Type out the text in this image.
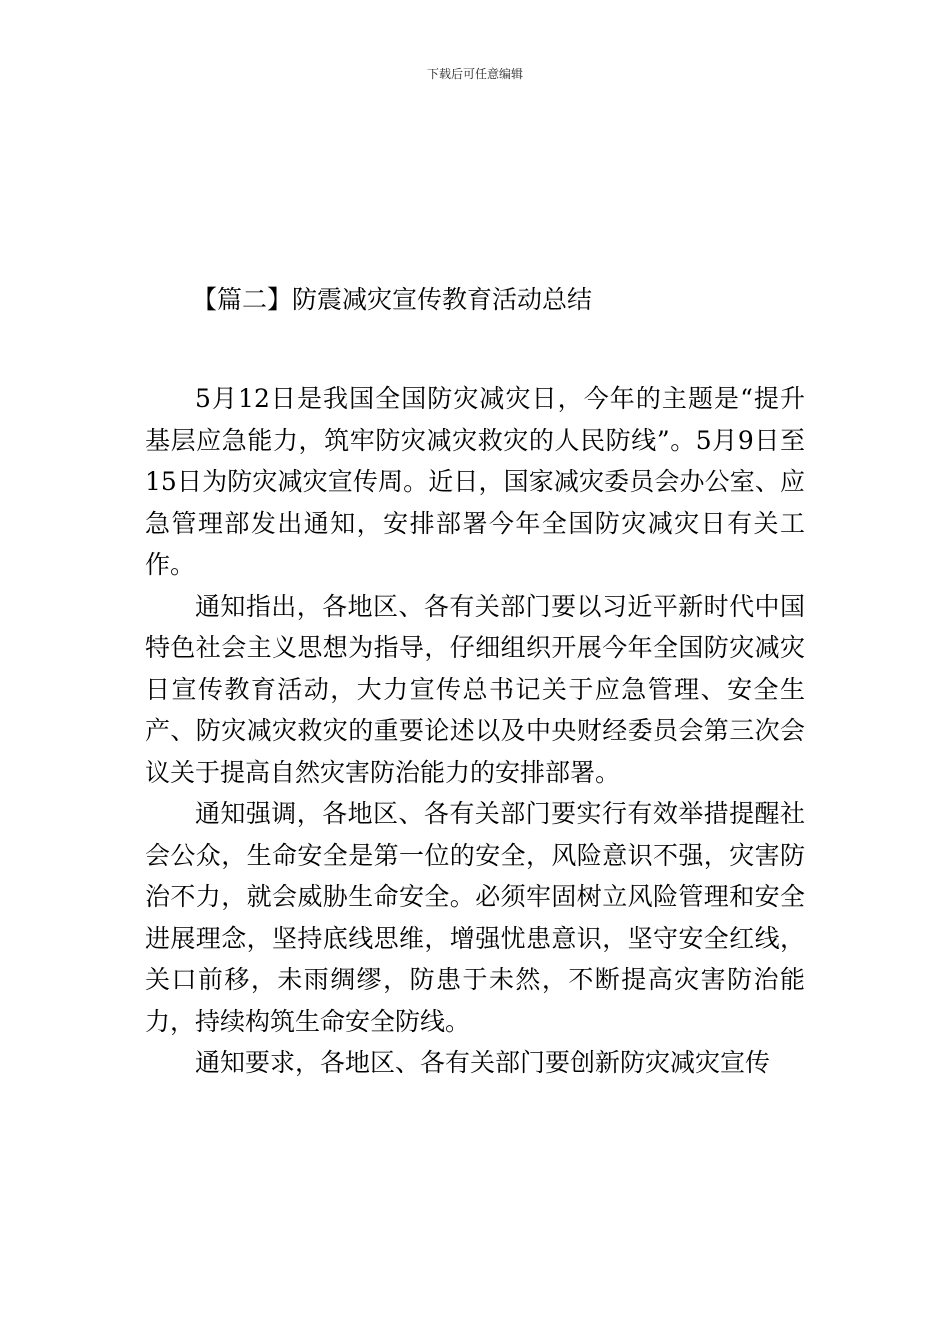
下载后可任意编辑
【篇二】防震减灾宣传教育活动总结

5月12日是我国全国防灾减灾日，今年的主题是“提升基层应急能力，筑牢防灾减灾救灾的人民防线”。5月9日至15日为防灾减灾宣传周。近日，国家减灾委员会办公室、应急管理部发出通知，安排部署今年全国防灾减灾日有关工作。

通知指出，各地区、各有关部门要以习近平新时代中国特色社会主义思想为指导，仔细组织开展今年全国防灾减灾日宣传教育活动，大力宣传总书记关于应急管理、安全生产、防灾减灾救灾的重要论述以及中央财经委员会第三次会议关于提高自然灾害防治能力的安排部署。

通知强调，各地区、各有关部门要实行有效举措提醒社会公众，生命安全是第一位的安全，风险意识不强，灾害防治不力，就会威胁生命安全。必须牢固树立风险管理和安全进展理念，坚持底线思维，增强忧患意识，坚守安全红线，关口前移，未雨绸缪，防患于未然，不断提高灾害防治能力，持续构筑生命安全防线。

通知要求，各地区、各有关部门要创新防灾减灾宣传
